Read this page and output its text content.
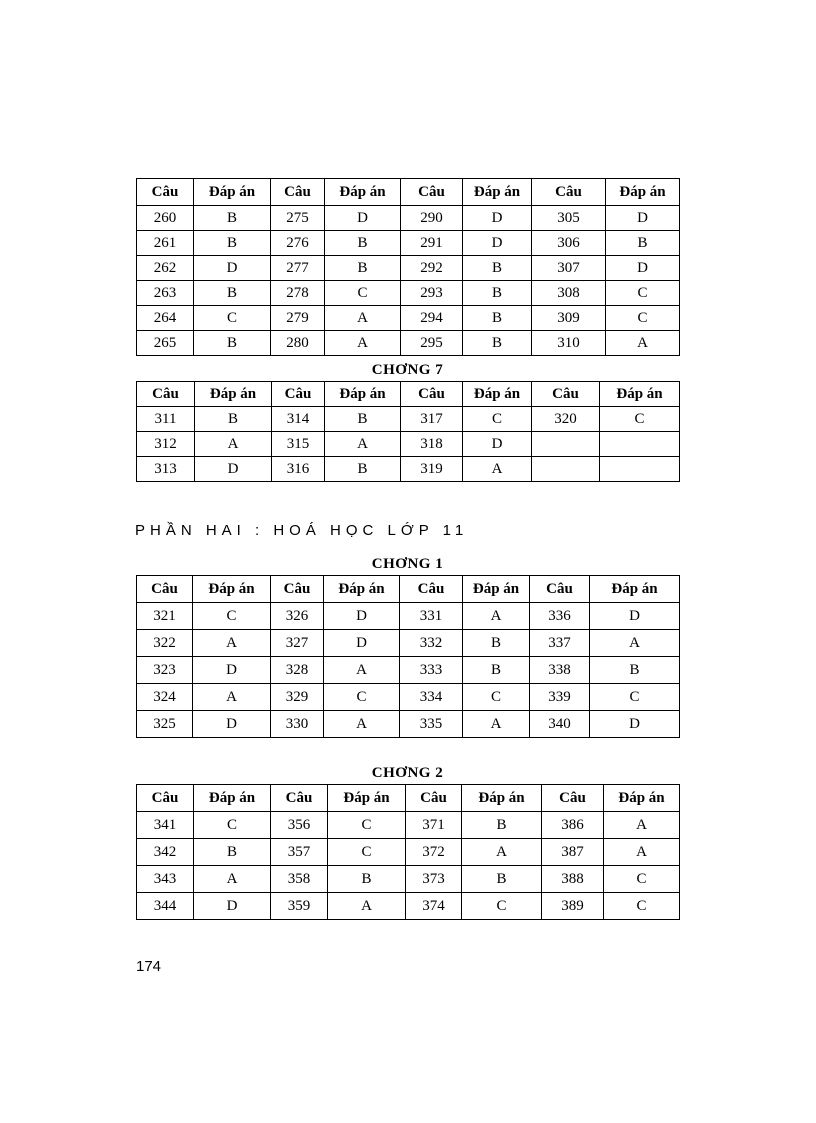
Câu	Đáp án	Câu	Đáp án	Câu	Đáp án	Câu	Đáp án
260	B	275	D	290	D	305	D
261	B	276	B	291	D	306	B
262	D	277	B	292	B	307	D
263	B	278	C	293	B	308	C
264	C	279	A	294	B	309	C
265	B	280	A	295	B	310	A
CHƠNG 7
Câu	Đáp án	Câu	Đáp án	Câu	Đáp án	Câu	Đáp án
311	B	314	B	317	C	320	C
312	A	315	A	318	D		
313	D	316	B	319	A		
PHẦN HAI : HOÁ HỌC LỚP 11
CHƠNG 1
Câu	Đáp án	Câu	Đáp án	Câu	Đáp án	Câu	Đáp án
321	C	326	D	331	A	336	D
322	A	327	D	332	B	337	A
323	D	328	A	333	B	338	B
324	A	329	C	334	C	339	C
325	D	330	A	335	A	340	D
CHƠNG 2
Câu	Đáp án	Câu	Đáp án	Câu	Đáp án	Câu	Đáp án
341	C	356	C	371	B	386	A
342	B	357	C	372	A	387	A
343	A	358	B	373	B	388	C
344	D	359	A	374	C	389	C
174
